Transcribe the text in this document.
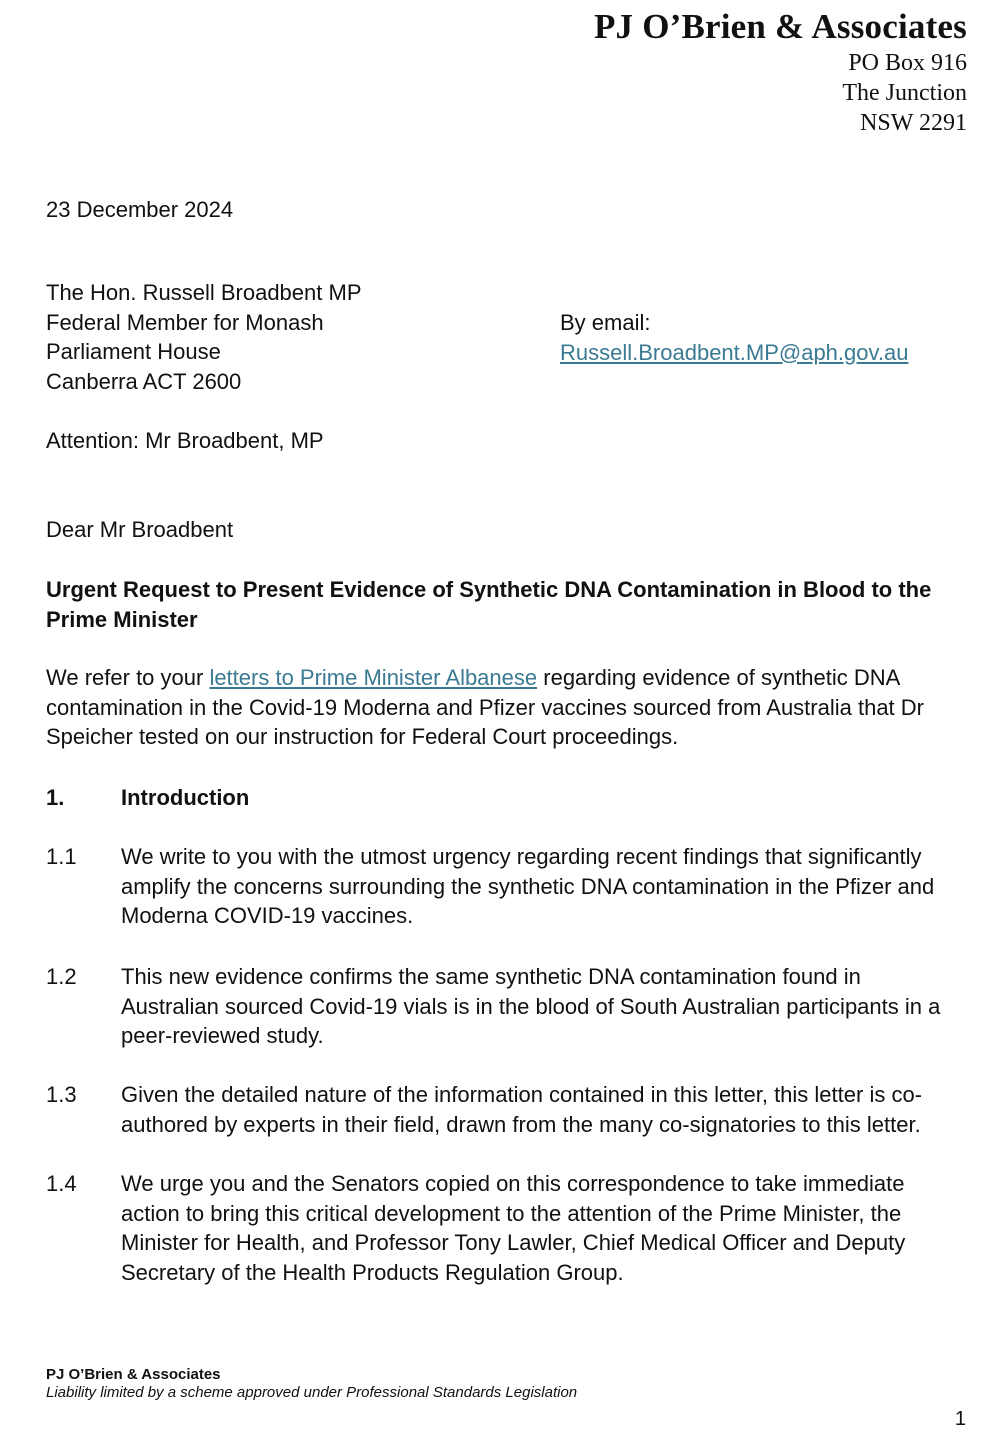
PJ O’Brien & Associates
PO Box 916
The Junction
NSW 2291
23 December 2024
The Hon. Russell Broadbent MP
Federal Member for Monash
Parliament House
Canberra ACT 2600
By email:
Russell.Broadbent.MP@aph.gov.au
Attention: Mr Broadbent, MP
Dear Mr Broadbent
Urgent Request to Present Evidence of Synthetic DNA Contamination in Blood to the
Prime Minister
We refer to your letters to Prime Minister Albanese regarding evidence of synthetic DNA
contamination in the Covid-19 Moderna and Pfizer vaccines sourced from Australia that Dr
Speicher tested on our instruction for Federal Court proceedings.
1.	Introduction
1.1	We write to you with the utmost urgency regarding recent findings that significantly
amplify the concerns surrounding the synthetic DNA contamination in the Pfizer and
Moderna COVID-19 vaccines.
1.2	This new evidence confirms the same synthetic DNA contamination found in
Australian sourced Covid-19 vials is in the blood of South Australian participants in a
peer-reviewed study.
1.3	Given the detailed nature of the information contained in this letter, this letter is co-
authored by experts in their field, drawn from the many co-signatories to this letter.
1.4	We urge you and the Senators copied on this correspondence to take immediate
action to bring this critical development to the attention of the Prime Minister, the
Minister for Health, and Professor Tony Lawler, Chief Medical Officer and Deputy
Secretary of the Health Products Regulation Group.
PJ O’Brien & Associates
Liability limited by a scheme approved under Professional Standards Legislation
1
